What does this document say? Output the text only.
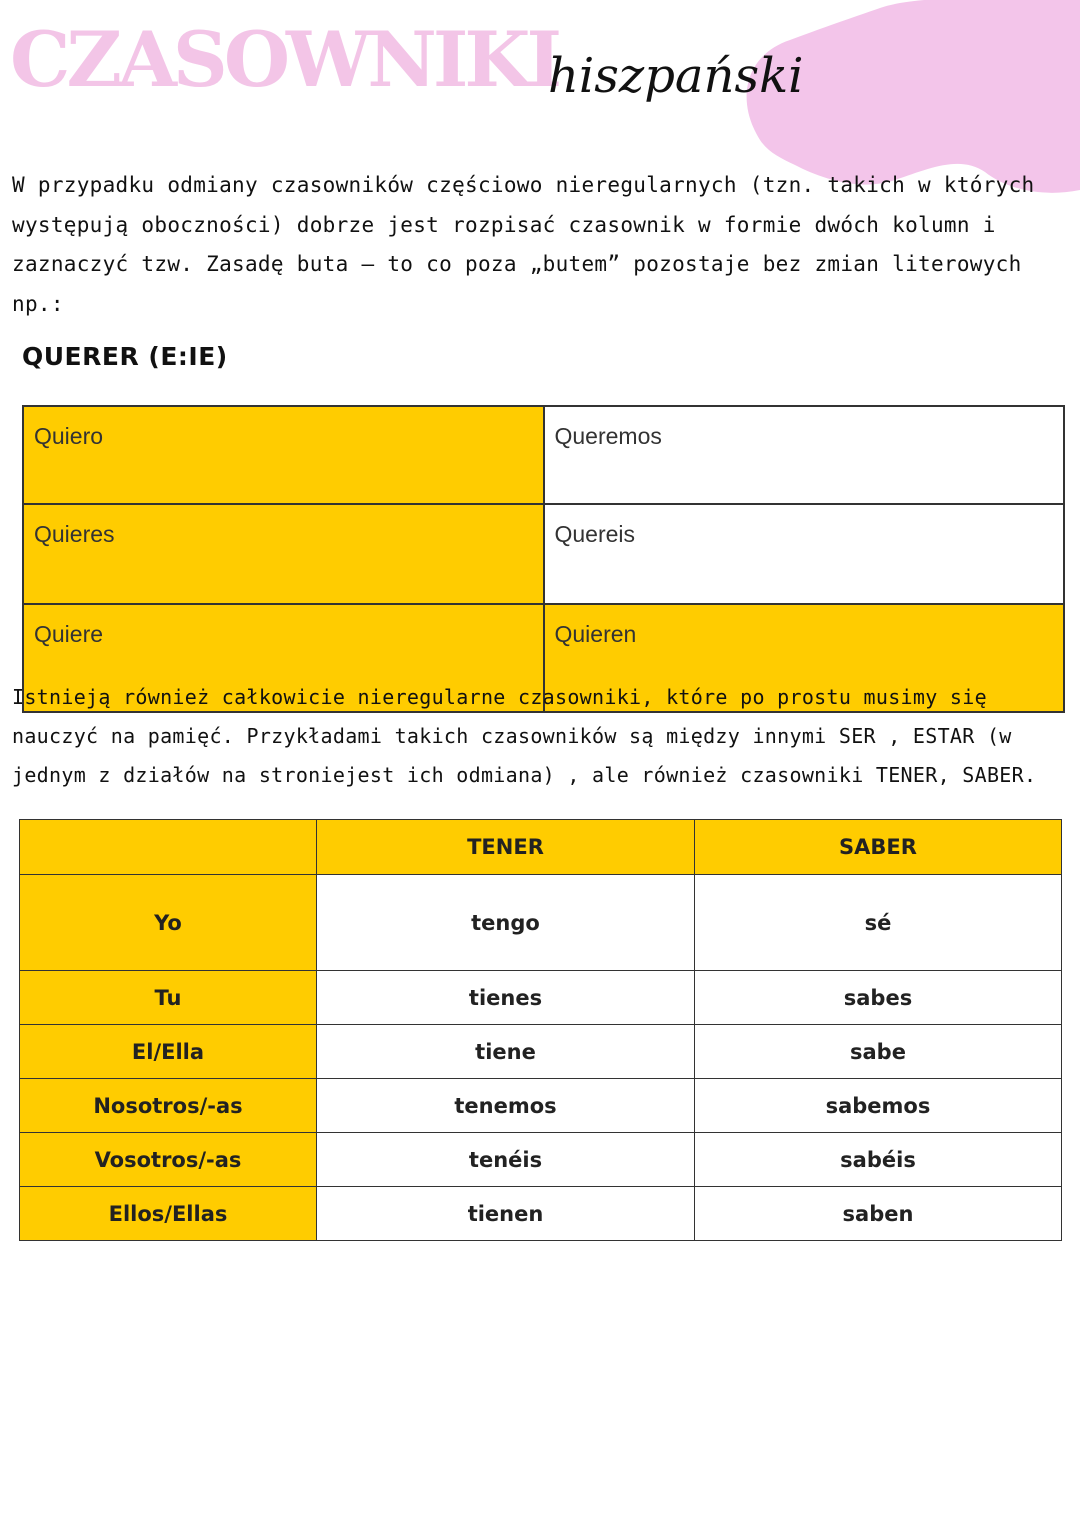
CZASOWNIKI
hiszpański
W przypadku odmiany czasowników częściowo nieregularnych (tzn. takich w których występują oboczności) dobrze jest rozpisać czasownik w formie dwóch kolumn i zaznaczyć tzw. Zasadę buta – to co poza „butem” pozostaje bez zmian literowych np.:
QUERER (E:IE)
Quiero	Queremos
Quieres	Quereis
Quiere	Quieren
Istnieją również całkowicie nieregularne czasowniki, które po prostu musimy się nauczyć na pamięć. Przykładami takich czasowników są między innymi SER , ESTAR (w jednym z działów na stroniejest ich odmiana) , ale również czasowniki TENER, SABER.
	TENER	SABER
Yo	tengo	sé
Tu	tienes	sabes
El/Ella	tiene	sabe
Nosotros/-as	tenemos	sabemos
Vosotros/-as	tenéis	sabéis
Ellos/Ellas	tienen	saben
